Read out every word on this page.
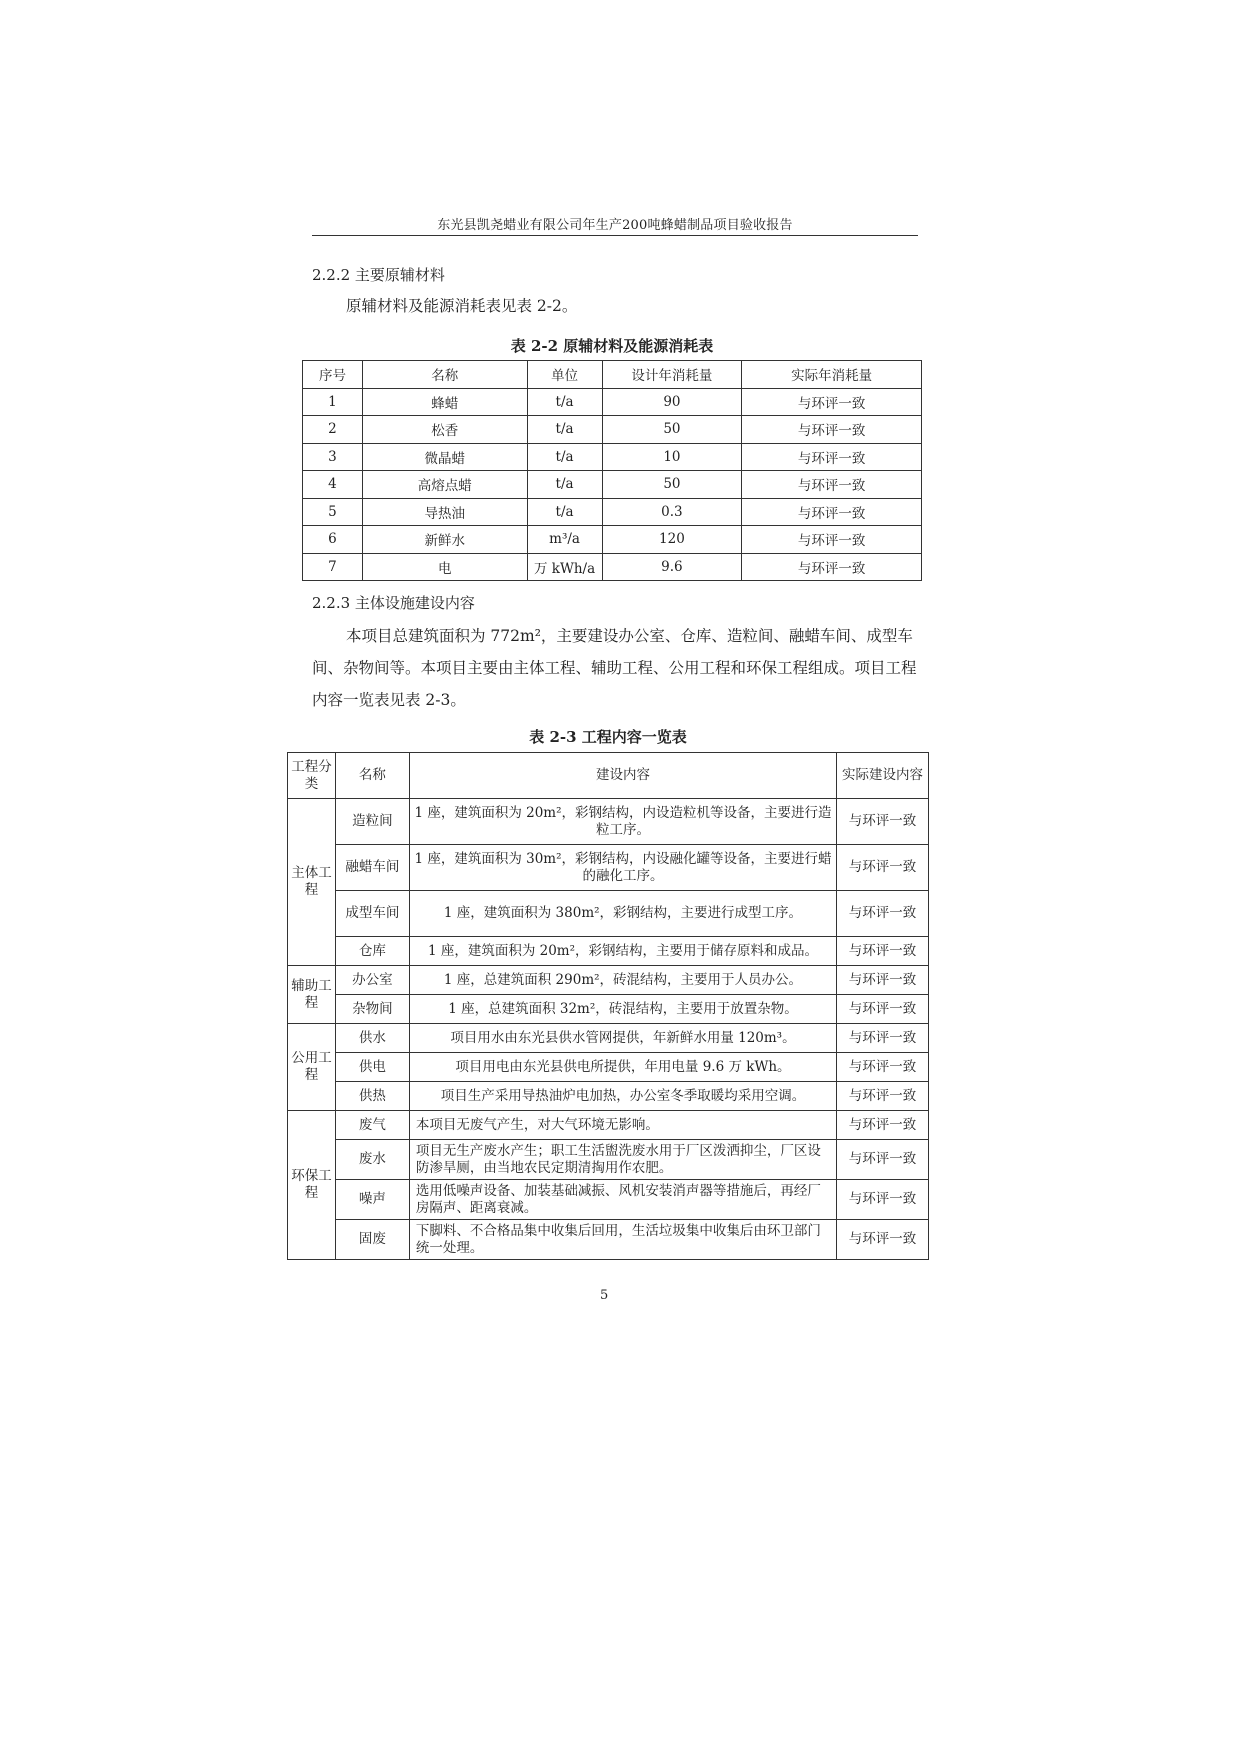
东光县凯尧蜡业有限公司年生产200吨蜂蜡制品项目验收报告
2.2.2 主要原辅材料
原辅材料及能源消耗表见表 2-2。
表 2-2 原辅材料及能源消耗表
序号	名称	单位	设计年消耗量	实际年消耗量
1	蜂蜡	t/a	90	与环评一致
2	松香	t/a	50	与环评一致
3	微晶蜡	t/a	10	与环评一致
4	高熔点蜡	t/a	50	与环评一致
5	导热油	t/a	0.3	与环评一致
6	新鲜水	m³/a	120	与环评一致
7	电	万 kWh/a	9.6	与环评一致
2.2.3 主体设施建设内容
本项目总建筑面积为 772m²，主要建设办公室、仓库、造粒间、融蜡车间、成型车间、杂物间等。本项目主要由主体工程、辅助工程、公用工程和环保工程组成。项目工程内容一览表见表 2-3。
表 2-3 工程内容一览表
工程分类	名称	建设内容	实际建设内容
主体工程	造粒间	1 座，建筑面积为 20m²，彩钢结构，内设造粒机等设备，主要进行造粒工序。	与环评一致
	融蜡车间	1 座，建筑面积为 30m²，彩钢结构，内设融化罐等设备，主要进行蜡的融化工序。	与环评一致
	成型车间	1 座，建筑面积为 380m²，彩钢结构，主要进行成型工序。	与环评一致
	仓库	1 座，建筑面积为 20m²，彩钢结构，主要用于储存原料和成品。	与环评一致
辅助工程	办公室	1 座，总建筑面积 290m²，砖混结构，主要用于人员办公。	与环评一致
	杂物间	1 座，总建筑面积 32m²，砖混结构，主要用于放置杂物。	与环评一致
公用工程	供水	项目用水由东光县供水管网提供，年新鲜水用量 120m³。	与环评一致
	供电	项目用电由东光县供电所提供，年用电量 9.6 万 kWh。	与环评一致
	供热	项目生产采用导热油炉电加热，办公室冬季取暖均采用空调。	与环评一致
环保工程	废气	本项目无废气产生，对大气环境无影响。	与环评一致
	废水	项目无生产废水产生；职工生活盥洗废水用于厂区泼洒抑尘，厂区设防渗旱厕，由当地农民定期清掏用作农肥。	与环评一致
	噪声	选用低噪声设备、加装基础减振、风机安装消声器等措施后，再经厂房隔声、距离衰减。	与环评一致
	固废	下脚料、不合格品集中收集后回用，生活垃圾集中收集后由环卫部门统一处理。	与环评一致
5
